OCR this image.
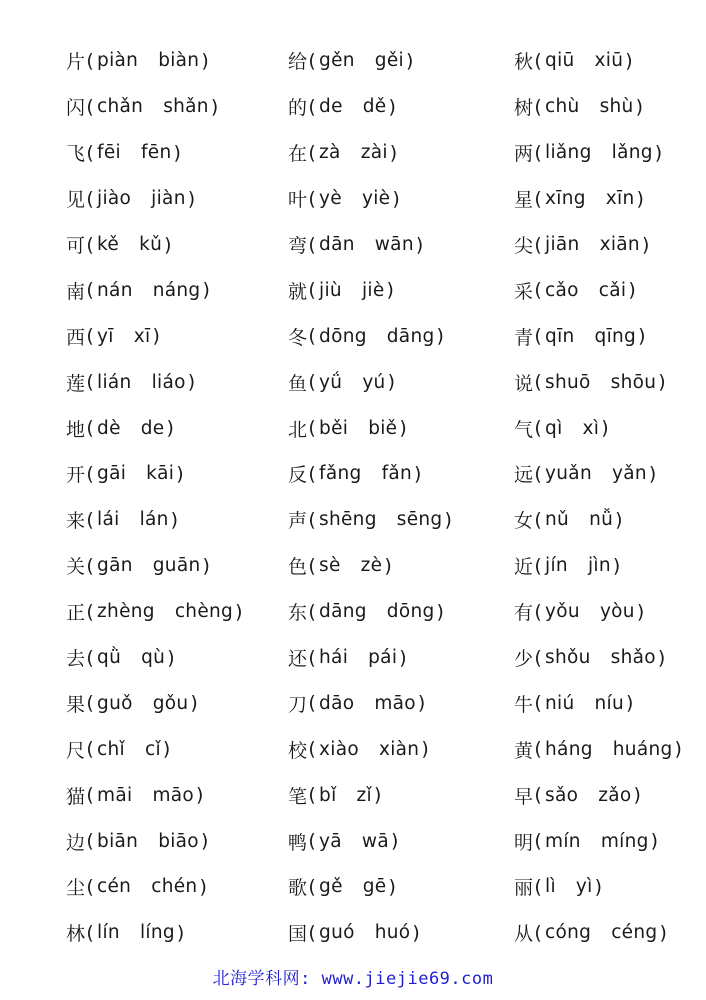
片 ( piàn biàn )
闪 ( chǎn shǎn )
飞 ( fēi fēn )
见 ( jiào jiàn )
可 ( kě kǔ )
南 ( nán náng )
西 ( yī xī )
莲 ( lián liáo )
地 ( dè de )
开 ( gāi kāi )
来 ( lái lán )
关 ( gān guān )
正 ( zhèng chèng )
去 ( qǜ qù )
果 ( guǒ gǒu )
尺 ( chǐ cǐ )
猫 ( māi māo )
边 ( biān biāo )
尘 ( cén chén )
林 ( lín líng )
给 ( gěn gěi )
的 ( de dě )
在 ( zà zài )
叶 ( yè yiè )
弯 ( dān wān )
就 ( jiù jiè )
冬 ( dōng dāng )
鱼 ( yǘ yú )
北 ( běi biě )
反 ( fǎng fǎn )
声 ( shēng sēng )
色 ( sè zè )
东 ( dāng dōng )
还 ( hái pái )
刀 ( dāo māo )
校 ( xiào xiàn )
笔 ( bǐ zǐ )
鸭 ( yā wā )
歌 ( gě gē )
国 ( guó huó )
秋 ( qiū xiū )
树 ( chù shù )
两 ( liǎng lǎng )
星 ( xīng xīn )
尖 ( jiān xiān )
采 ( cǎo cǎi )
青 ( qīn qīng )
说 ( shuō shōu )
气 ( qì xì )
远 ( yuǎn yǎn )
女 ( nǔ nǚ )
近 ( jín jìn )
有 ( yǒu yòu )
少 ( shǒu shǎo )
牛 ( niú níu )
黄 ( háng huáng )
早 ( sǎo zǎo )
明 ( mín míng )
丽 ( lì yì )
从 ( cóng céng )
北海学科网: www.jiejie69.com
